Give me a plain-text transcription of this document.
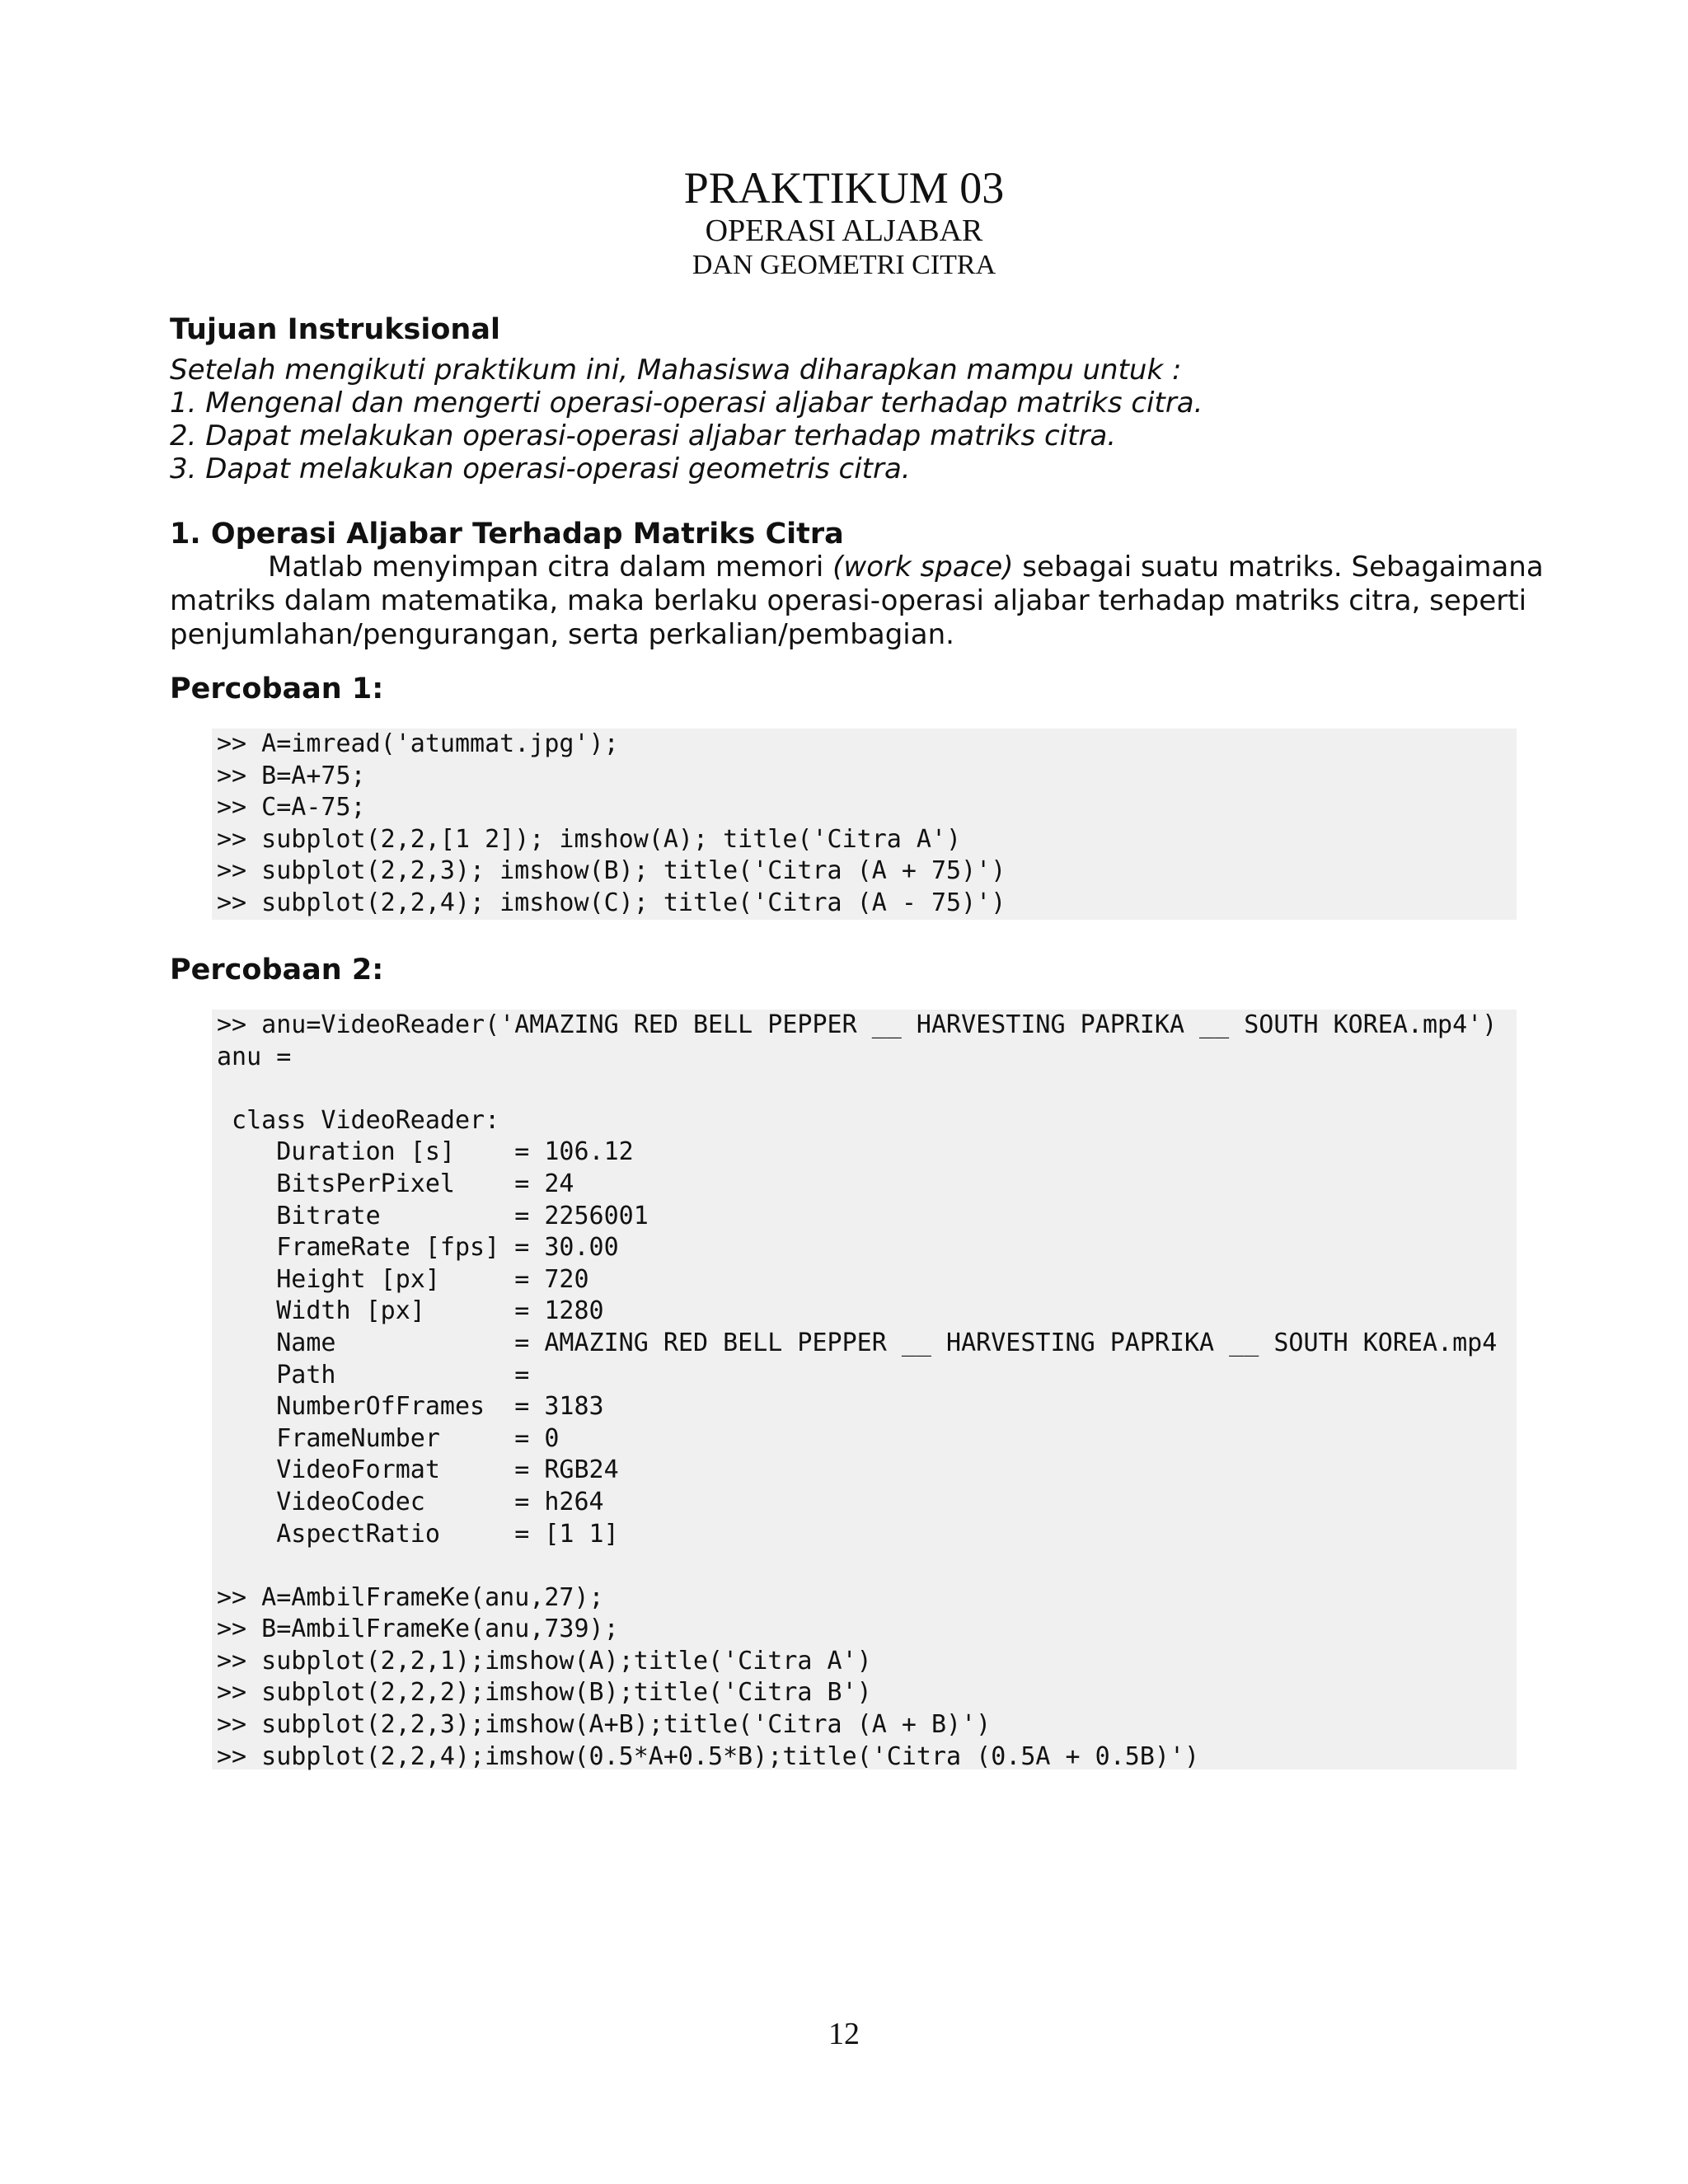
PRAKTIKUM 03
OPERASI ALJABAR
DAN GEOMETRI CITRA
Tujuan Instruksional
Setelah mengikuti praktikum ini, Mahasiswa diharapkan mampu untuk :
1. Mengenal dan mengerti operasi-operasi aljabar terhadap matriks citra.
2. Dapat melakukan operasi-operasi aljabar terhadap matriks citra.
3. Dapat melakukan operasi-operasi geometris citra.
1. Operasi Aljabar Terhadap Matriks Citra
Matlab menyimpan citra dalam memori (work space) sebagai suatu matriks. Sebagaimana
matriks dalam matematika, maka berlaku operasi-operasi aljabar terhadap matriks citra, seperti
penjumlahan/pengurangan, serta perkalian/pembagian.
Percobaan 1:
>> A=imread('atummat.jpg');
>> B=A+75;
>> C=A-75;
>> subplot(2,2,[1 2]); imshow(A); title('Citra A')
>> subplot(2,2,3); imshow(B); title('Citra (A + 75)')
>> subplot(2,2,4); imshow(C); title('Citra (A - 75)')
Percobaan 2:
>> anu=VideoReader('AMAZING RED BELL PEPPER __ HARVESTING PAPRIKA __ SOUTH KOREA.mp4')
anu =
class VideoReader:
Duration [s]    = 106.12
BitsPerPixel    = 24
Bitrate         = 2256001
FrameRate [fps] = 30.00
Height [px]     = 720
Width [px]      = 1280
Name            = AMAZING RED BELL PEPPER __ HARVESTING PAPRIKA __ SOUTH KOREA.mp4
Path            =
NumberOfFrames  = 3183
FrameNumber     = 0
VideoFormat     = RGB24
VideoCodec      = h264
AspectRatio     = [1 1]
>> A=AmbilFrameKe(anu,27);
>> B=AmbilFrameKe(anu,739);
>> subplot(2,2,1);imshow(A);title('Citra A')
>> subplot(2,2,2);imshow(B);title('Citra B')
>> subplot(2,2,3);imshow(A+B);title('Citra (A + B)')
>> subplot(2,2,4);imshow(0.5*A+0.5*B);title('Citra (0.5A + 0.5B)')
12
